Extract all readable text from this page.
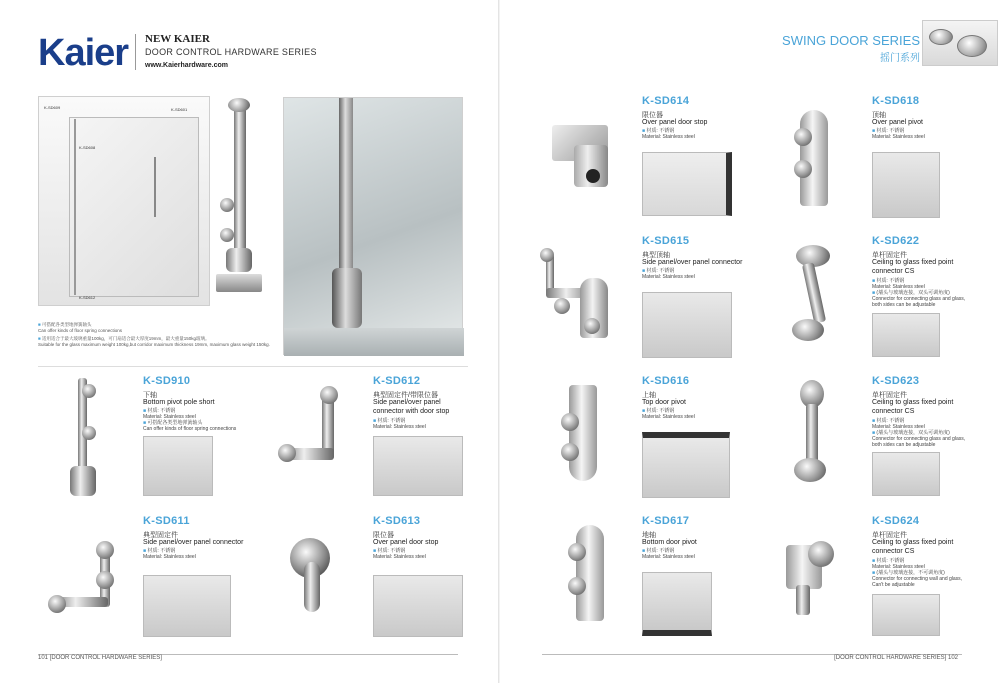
Kaier NEW KAIER
DOOR CONTROL HARDWARE SERIES
www.Kaierhardware.com
K-SD609	K-SD601
K-SD608
K-SD612
■ 可搭配各类型地弹簧轴头
Can offer kinds of floor spring connections
■ 适用适合于最大玻璃重量100kg，可门扇适合最大厚度19mm，最大重量150kg玻璃。
Suitable for the glass maximum weight 100kg,but corridor maximum thickness 19mm, maximum glass weight 150kg.
K-SD910
下轴
Bottom pivot pole short
■ 材质: 不锈钢
Material: Stainless steel
■ 可搭配各类型地弹簧轴头
Can offer kinds of floor spring connections
K-SD612
典型固定件/带限位器
Side panel/over panel connector with door stop
■ 材质: 不锈钢
Material: Stainless steel
K-SD611
典型固定件
Side panel/over panel connector
■ 材质: 不锈钢
Material: Stainless steel
K-SD613
限位器
Over panel door stop
■ 材质: 不锈钢
Material: Stainless steel
101 [DOOR CONTROL HARDWARE SERIES]
SWING DOOR SERIES
摇门系列
K-SD614
限位器
Over panel door stop
■ 材质: 不锈钢
Material: Stainless steel
K-SD618
顶轴
Over panel pivot
■ 材质: 不锈钢
Material: Stainless steel
K-SD615
典型顶轴
Side panel/over panel connector
■ 材质: 不锈钢
Material: Stainless steel
K-SD622
单杆固定件
Ceiling to glass fixed point connector CS
■ 材质: 不锈钢
Material: Stainless steel
■ (墙头与玻璃连接，双头可调角度)
Connector for connecting glass and glass, both sides can be adjustable
K-SD616
上轴
Top door pivot
■ 材质: 不锈钢
Material: Stainless steel
K-SD623
单杆固定件
Ceiling to glass fixed point connector CS
■ 材质: 不锈钢
Material: Stainless steel
■ (墙头与玻璃连接，双头可调角度)
Connector for connecting glass and glass, both sides can be adjustable
K-SD617
地轴
Bottom door pivot
■ 材质: 不锈钢
Material: Stainless steel
K-SD624
单杆固定件
Ceiling to glass fixed point connector CS
■ 材质: 不锈钢
Material: Stainless steel
■ (墙头与玻璃连接，不可调角度)
Connector for connecting wall and glass, Can't be adjustable
[DOOR CONTROL HARDWARE SERIES] 102
